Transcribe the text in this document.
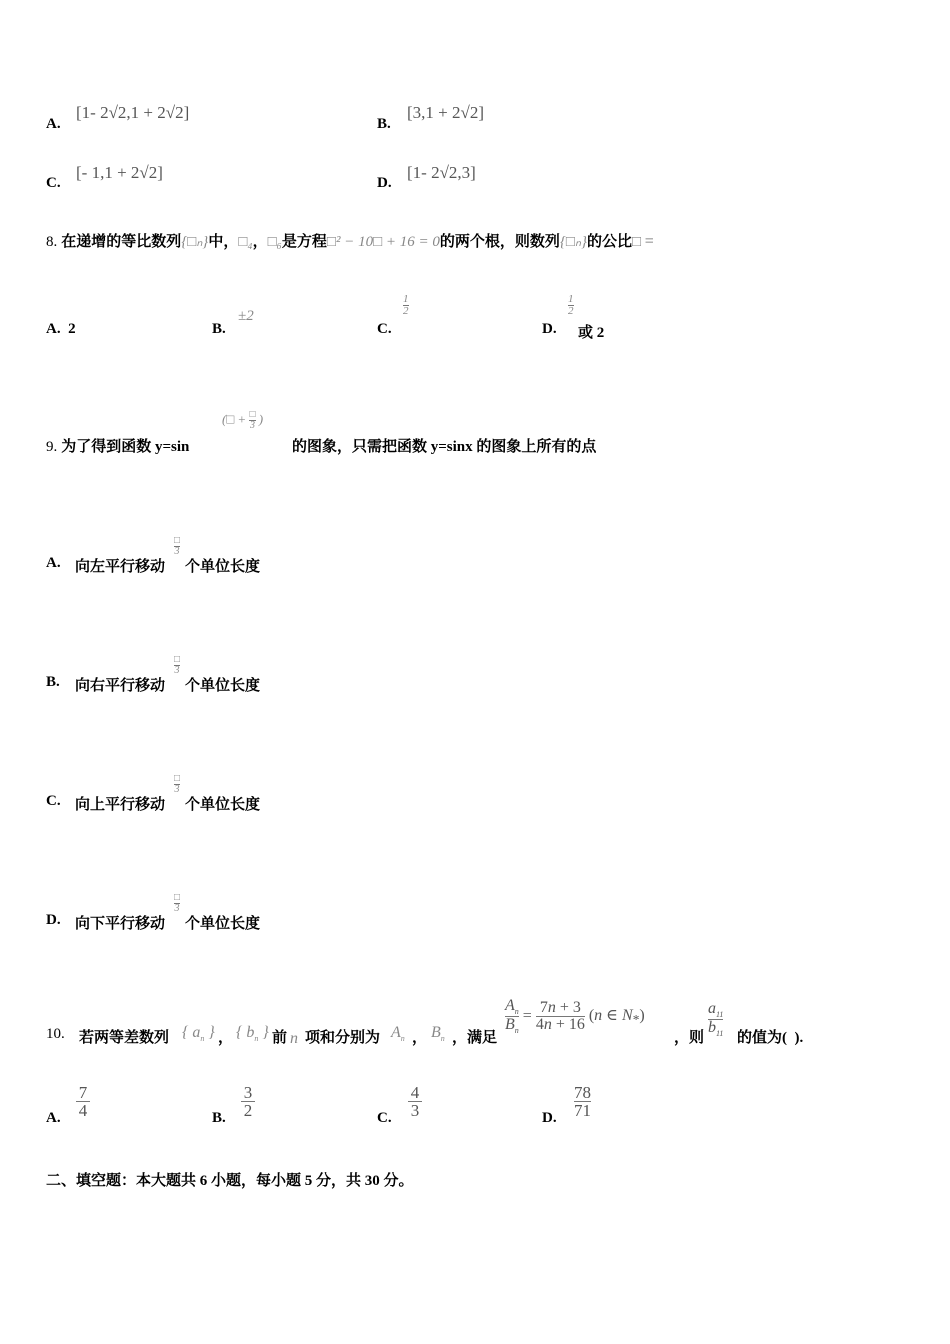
A.
[1- 2√2,1 + 2√2]
B.
[3,1 + 2√2]
C.
[- 1,1 + 2√2]
D.
[1- 2√2,3]
8. 在递增的等比数列{□ₙ}中，□₄，□₆是方程□² − 10□ + 16 = 0的两个根，则数列{□ₙ}的公比□ =
A. 2	B.
±2
C.
$\frac{1}{2}$
D.
$\frac{1}{2}$
或 2
9. 为了得到函数 y=sin
(□ + $\frac{□}{3}$ )
的图象，只需把函数 y=sinx 的图象上所有的点
A. 向左平行移动
$\frac{□}{3}$
个单位长度
B. 向右平行移动
$\frac{□}{3}$
个单位长度
C. 向上平行移动
$\frac{□}{3}$
个单位长度
D. 向下平行移动
$\frac{□}{3}$
个单位长度
10. 若两等差数列 { $a_n$ } ， { $b_n$ } 前 n 项和分别为 $A_n$ ， $B_n$ ，满足
$\frac{A_n}{B_n} = \frac{7n + 3}{4n + 16} (n$ ∈ $N_*$)
，则 $\frac{a_{11}}{b_{11}}$ 的值为( ).
A. $\frac{7}{4}$	B. $\frac{3}{2}$	C. $\frac{4}{3}$	D. $\frac{78}{71}$
二、填空题：本大题共 6 小题，每小题 5 分，共 30 分。
